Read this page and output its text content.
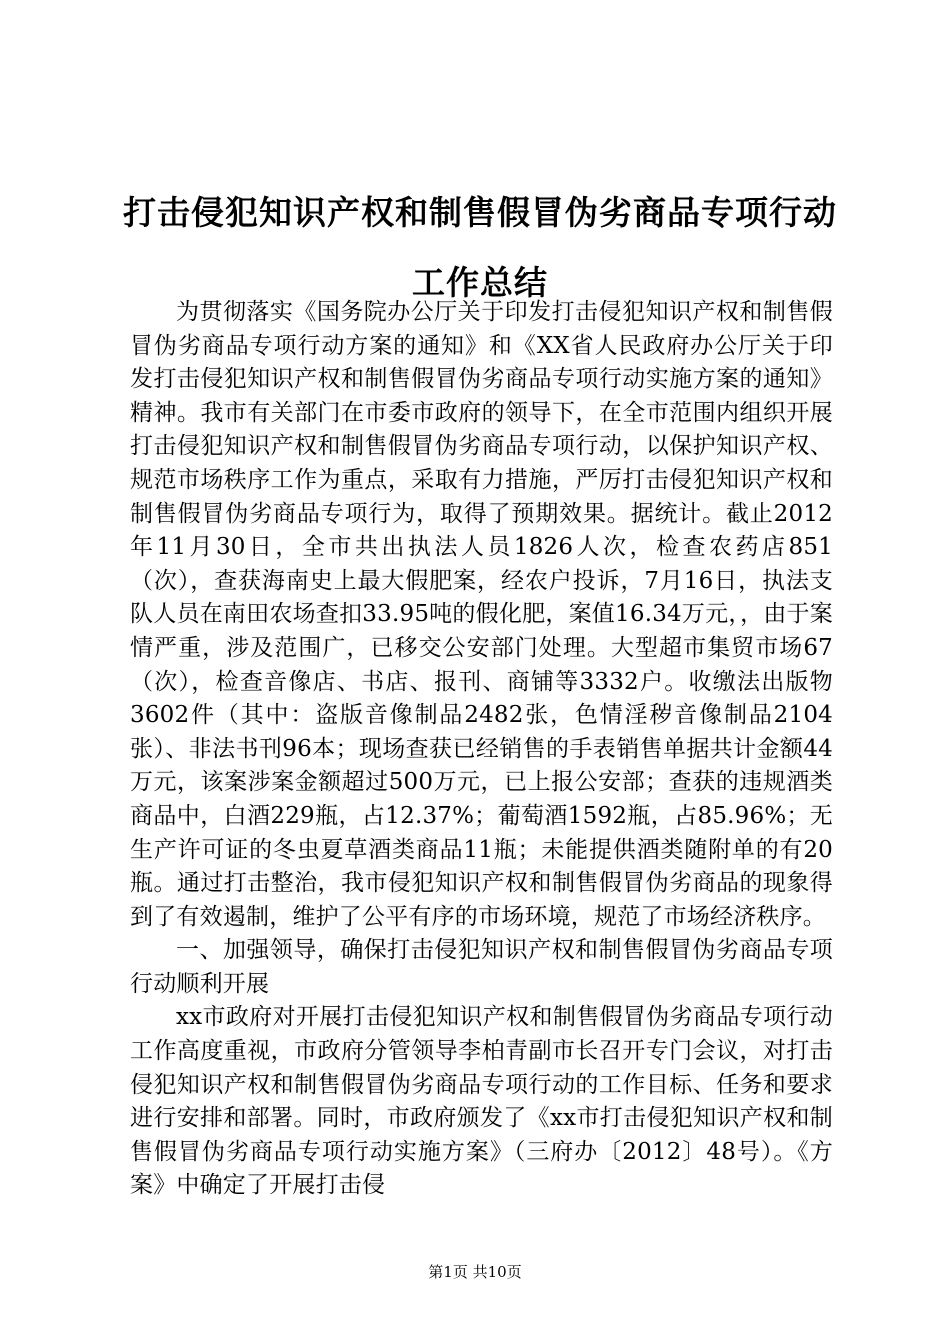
打击侵犯知识产权和制售假冒伪劣商品专项行动工作总结

为贯彻落实《国务院办公厅关于印发打击侵犯知识产权和制售假冒伪劣商品专项行动方案的通知》和《XX省人民政府办公厅关于印发打击侵犯知识产权和制售假冒伪劣商品专项行动实施方案的通知》精神。我市有关部门在市委市政府的领导下，在全市范围内组织开展打击侵犯知识产权和制售假冒伪劣商品专项行动，以保护知识产权、规范市场秩序工作为重点，采取有力措施，严厉打击侵犯知识产权和制售假冒伪劣商品专项行为，取得了预期效果。据统计。截止2012年11月30日，全市共出执法人员1826人次，检查农药店851（次），查获海南史上最大假肥案，经农户投诉，7月16日，执法支队人员在南田农场查扣33.95吨的假化肥，案值16.34万元，，由于案情严重，涉及范围广，已移交公安部门处理。大型超市集贸市场67（次），检查音像店、书店、报刊、商铺等3332户。收缴法出版物3602件（其中：盗版音像制品2482张，色情淫秽音像制品2104张）、非法书刊96本；现场查获已经销售的手表销售单据共计金额44万元，该案涉案金额超过500万元，已上报公安部；查获的违规酒类商品中，白酒229瓶，占12.37%；葡萄酒1592瓶，占85.96%；无生产许可证的冬虫夏草酒类商品11瓶；未能提供酒类随附单的有20瓶。通过打击整治，我市侵犯知识产权和制售假冒伪劣商品的现象得到了有效遏制，维护了公平有序的市场环境，规范了市场经济秩序。

一、加强领导，确保打击侵犯知识产权和制售假冒伪劣商品专项行动顺利开展

xx市政府对开展打击侵犯知识产权和制售假冒伪劣商品专项行动工作高度重视，市政府分管领导李柏青副市长召开专门会议，对打击侵犯知识产权和制售假冒伪劣商品专项行动的工作目标、任务和要求进行安排和部署。同时，市政府颁发了《xx市打击侵犯知识产权和制售假冒伪劣商品专项行动实施方案》（三府办〔2012〕48号）。《方案》中确定了开展打击侵

第1页 共10页
